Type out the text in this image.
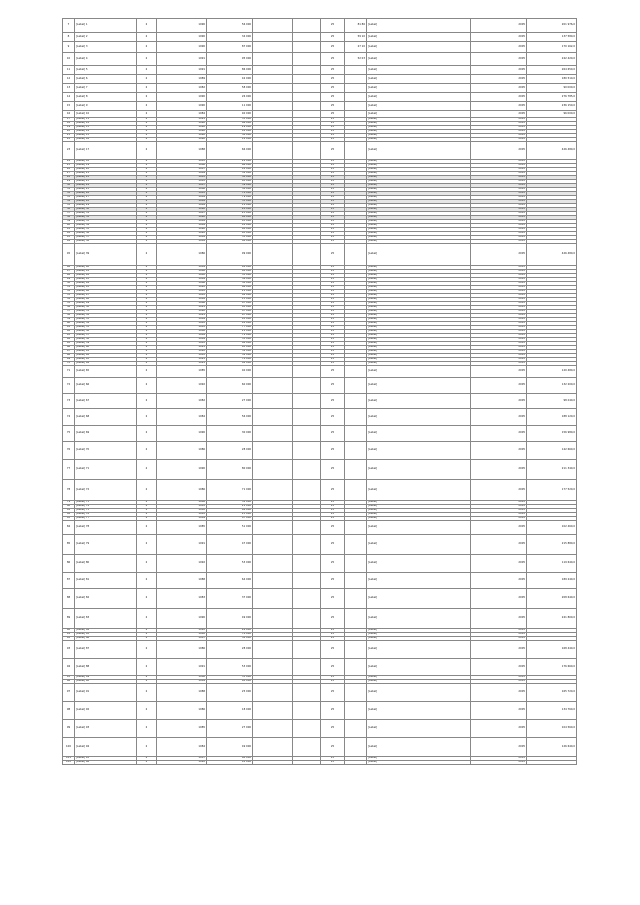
7	[Label] 1	2	1990	56 000			25	81 86	[Label]	2005	201 976,0
8	[Label] 2	2	1990	34 000			25	59 10	[Label]	2005	137 580,0
9	[Label] 3	2	1990	87 000			25	27 10	[Label]	2005	170 162,0
10	[Label] 4	2	1991	95 000			25	52 03	[Label]	2005	242 420,0
11	[Label] 5	2	1991	86 000			25		[Label]	2005	264 650,0
12	[Label] 6	2	1989	42 000			25		[Label]	2005	180 510,0
13	[Label] 7	2	1982	58 000			25		[Label]	2005	90 000,0
14	[Label] 8	2	1990	26 000			25		[Label]	2005	276 785,0
15	[Label] 9	2	1990	11 000			25		[Label]	2005	236 150,0
16	[Label] 10	2	1984	40 000			25		[Label]	2005	96 000,0
17	[Label] 11	2	1991	33 000			25		[Label]	2005	
18	[Label] 12	2	1990	86 000			25		[Label]	2005	
19	[Label] 13	2	1990	29 000			25		[Label]	2005	
20	[Label] 14	2	1990	91 000			25		[Label]	2005	
21	[Label] 15	2	1990	38 000			25		[Label]	2005	
22	[Label] 16	2	1990	12 000			25		[Label]	2005	
23	[Label] 17	2	1988	66 000			25		[Label]	2005	426 480,0
24	[Label] 18	2	1983	22 000			25		[Label]	2005	
25	[Label] 19	2	1986	66 000			25		[Label]	2005	
26	[Label] 20	2	1987	41 000			25		[Label]	2005	
27	[Label] 21	2	1989	52 000			25		[Label]	2005	
28	[Label] 22	2	1985	50 000			25		[Label]	2005	
29	[Label] 23	2	1983	63 000			25		[Label]	2005	
30	[Label] 24	2	1987	39 000			25		[Label]	2005	
31	[Label] 25	2	1986	38 000			25		[Label]	2005	
32	[Label] 26	2	1983	74 000			25		[Label]	2005	
33	[Label] 27	2	1984	79 000			25		[Label]	2005	
34	[Label] 28	2	1984	33 000			25		[Label]	2005	
35	[Label] 29	2	1984	11 000			25		[Label]	2005	
36	[Label] 30	2	1990	28 000			25		[Label]	2005	
37	[Label] 31	2	1987	23 000			25		[Label]	2005	
38	[Label] 32	2	1990	98 000			25		[Label]	2005	
39	[Label] 33	2	1984	43 000			25		[Label]	2005	
40	[Label] 34	2	1984	41 000			25		[Label]	2005	
41	[Label] 35	2	1990	90 000			25		[Label]	2005	
42	[Label] 36	2	1992	63 000			25		[Label]	2005	
43	[Label] 37	2	1984	35 000			25		[Label]	2005	
44	[Label] 38	2	1984	84 000			25		[Label]	2005	
45	[Label] 39	2	1986	99 000			25		[Label]	2005	426 480,0
46	[Label] 40	2	1989	44 000			25		[Label]	2005	
47	[Label] 41	2	1988	40 000			25		[Label]	2005	
48	[Label] 42	2	1982	53 000			25		[Label]	2005	
49	[Label] 43	2	1989	56 000			25		[Label]	2005	
50	[Label] 44	2	1986	30 000			25		[Label]	2005	
51	[Label] 45	2	1992	66 000			25		[Label]	2005	
52	[Label] 46	2	1985	21 000			25		[Label]	2005	
53	[Label] 47	2	1985	82 000			25		[Label]	2005	
54	[Label] 48	2	1984	13 000			25		[Label]	2005	
55	[Label] 49	2	1986	87 000			25		[Label]	2005	
56	[Label] 50	2	1991	83 000			25		[Label]	2005	
57	[Label] 51	2	1990	87 000			25		[Label]	2005	
58	[Label] 52	2	1991	67 000			25		[Label]	2005	
59	[Label] 53	2	1989	45 000			25		[Label]	2005	
60	[Label] 54	2	1985	91 000			25		[Label]	2005	
61	[Label] 55	2	1985	77 000			25		[Label]	2005	
62	[Label] 56	2	1988	21 000			25		[Label]	2005	
63	[Label] 57	2	1984	72 000			25		[Label]	2005	
64	[Label] 58	2	1989	33 000			25		[Label]	2005	
65	[Label] 59	2	1983	84 000			25		[Label]	2005	
66	[Label] 60	2	1991	65 000			25		[Label]	2005	
67	[Label] 61	2	1992	32 000			25		[Label]	2005	
68	[Label] 62	2	1985	32 000			25		[Label]	2005	
69	[Label] 63	2	1991	78 000			25		[Label]	2005	
70	[Label] 64	2	1991	82 000			25		[Label]	2005	
71	[Label] 65	2	1985	40 000			25		[Label]	2005	120 480,0
72	[Label] 66	2	1992	60 000			25		[Label]	2005	132 200,0
73	[Label] 67	2	1982	27 000			25		[Label]	2005	98 240,0
74	[Label] 68	2	1984	56 000			25		[Label]	2005	188 120,0
75	[Label] 69	2	1990	30 000			25		[Label]	2005	156 980,0
76	[Label] 70	2	1986	28 000			25		[Label]	2005	142 660,0
77	[Label] 71	2	1990	80 000			25		[Label]	2005	211 340,0
78	[Label] 72	2	1986	71 000			25		[Label]	2005	177 520,0
79	[Label] 73	2	1988	32 000			25		[Label]	2005	
80	[Label] 74	2	1985	21 000			25		[Label]	2005	
81	[Label] 75	2	1982	96 000			25		[Label]	2005	
82	[Label] 76	2	1983	23 000			25		[Label]	2005	
83	[Label] 77	2	1989	87 000			25		[Label]	2005	
84	[Label] 78	2	1985	51 000			25		[Label]	2005	102 460,0
85	[Label] 79	2	1991	47 000			25		[Label]	2005	215 880,0
86	[Label] 80	2	1992	53 000			25		[Label]	2005	119 640,0
87	[Label] 81	2	1988	64 000			25		[Label]	2005	189 240,0
88	[Label] 82	2	1983	37 000			25		[Label]	2005	208 640,0
89	[Label] 83	2	1990	49 000			25		[Label]	2005	241 800,0
90	[Label] 84	2	1992	26 000			25		[Label]	2005	
91	[Label] 85	2	1982	78 000			25		[Label]	2005	
92	[Label] 86	2	1987	54 000			25		[Label]	2005	
93	[Label] 87	2	1986	28 000			25		[Label]	2005	168 440,0
94	[Label] 88	2	1991	53 000			25		[Label]	2005	176 660,0
95	[Label] 89	2	1986	35 000			25		[Label]	2005	
96	[Label] 90	2	1989	40 000			25		[Label]	2005	
97	[Label] 91	2	1988	25 000			25		[Label]	2005	165 720,0
98	[Label] 92	2	1986	18 000			25		[Label]	2005	134 760,0
99	[Label] 93	2	1985	27 000			25		[Label]	2005	104 560,0
100	[Label] 94	2	1984	49 000			25		[Label]	2005	126 640,0
101	[Label] 95	2	1987	68 000			25		[Label]	2005	
102	[Label] 96	2	1992	91 000			25		[Label]	2005	
